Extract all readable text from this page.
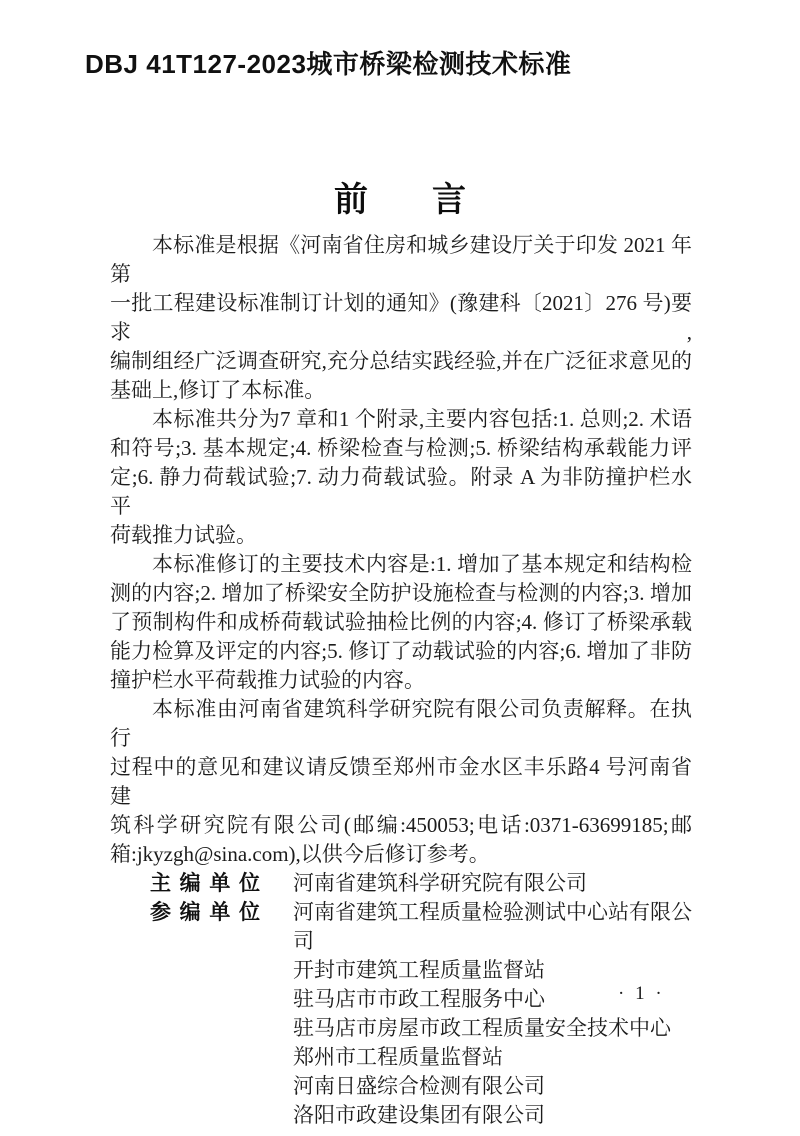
DBJ 41T127-2023城市桥梁检测技术标准
前 言
本标准是根据《河南省住房和城乡建设厅关于印发 2021 年第
一批工程建设标准制订计划的通知》(豫建科〔2021〕276 号)要求,
编制组经广泛调查研究,充分总结实践经验,并在广泛征求意见的
基础上,修订了本标准。
本标准共分为7 章和1 个附录,主要内容包括:1. 总则;2. 术语
和符号;3. 基本规定;4. 桥梁检查与检测;5. 桥梁结构承载能力评
定;6. 静力荷载试验;7. 动力荷载试验。附录 A 为非防撞护栏水平
荷载推力试验。
本标准修订的主要技术内容是:1. 增加了基本规定和结构检
测的内容;2. 增加了桥梁安全防护设施检查与检测的内容;3. 增加
了预制构件和成桥荷载试验抽检比例的内容;4. 修订了桥梁承载
能力检算及评定的内容;5. 修订了动载试验的内容;6. 增加了非防
撞护栏水平荷载推力试验的内容。
本标准由河南省建筑科学研究院有限公司负责解释。在执行
过程中的意见和建议请反馈至郑州市金水区丰乐路4 号河南省建
筑科学研究院有限公司(邮编:450053;电话:0371-63699185;邮
箱:jkyzgh@sina.com),以供今后修订参考。
主 编 单 位 河南省建筑科学研究院有限公司
参 编 单 位 河南省建筑工程质量检验测试中心站有限公司
开封市建筑工程质量监督站
驻马店市市政工程服务中心
驻马店市房屋市政工程质量安全技术中心
郑州市工程质量监督站
河南日盛综合检测有限公司
洛阳市政建设集团有限公司
· 1 ·
